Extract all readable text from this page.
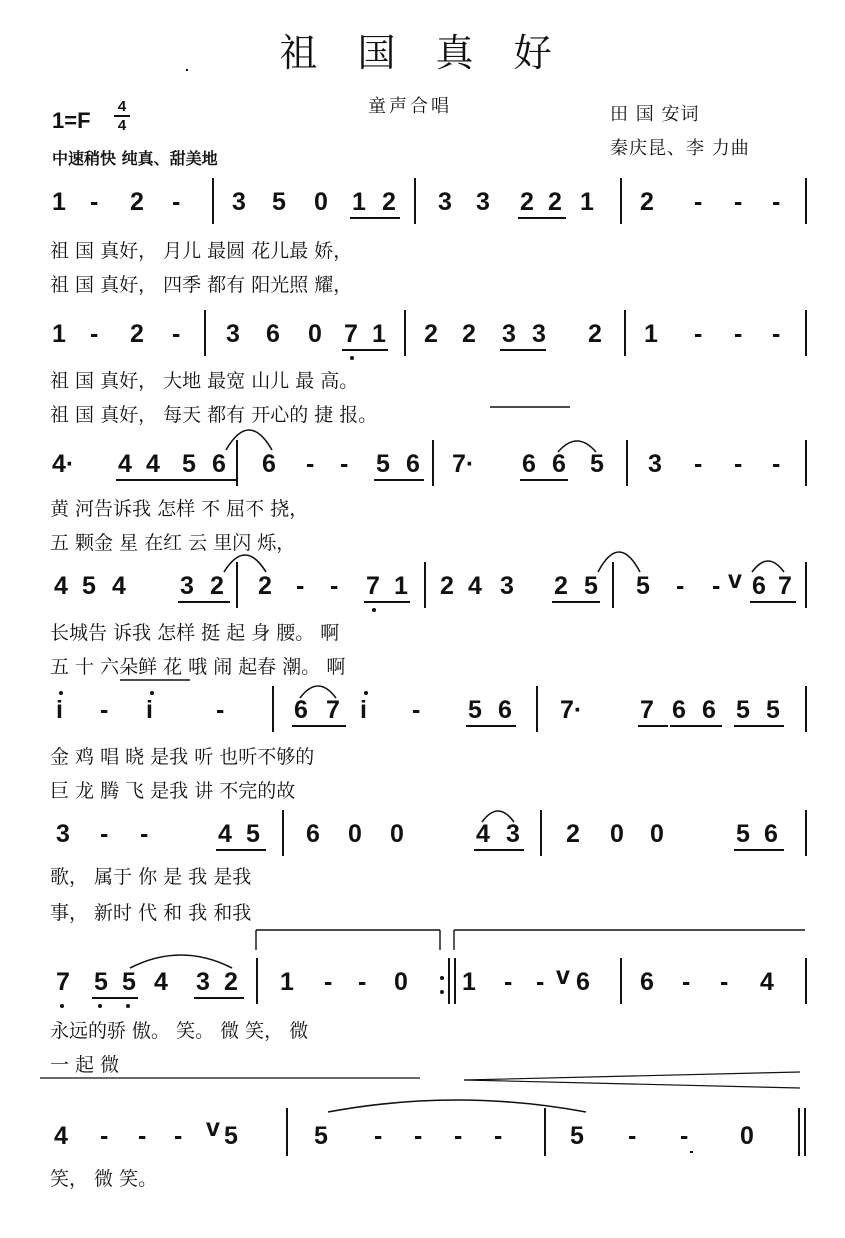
祖 国 真 好
童声合唱
1=F
4
4
中速稍快 纯真、甜美地
田 国 安词
秦庆昆、李 力曲
1 - 2 - 3 5 0 1 2 3 3 2 2 1 2 - - -
祖 国 真好， 月儿 最圆 花儿最 娇，
祖 国 真好， 四季 都有 阳光照 耀，
1 - 2 - 3 6 0 7 1 2 2 3 3 2 1 - - -
祖 国 真好， 大地 最宽 山儿 最 高。
祖 国 真好， 每天 都有 开心的 捷 报。
4· 4 4 5 6 6 - - 5 6 7· 6 6 5 3 - - -
黄 河告诉我 怎样 不 屈不 挠，
五 颗金 星 在红 云 里闪 烁，
4 5 4 3 2 2 - - 7 1 2 4 3 2 5 5 - - 6 7
v
长城告 诉我 怎样 挺 起 身 腰。 啊
五 十 六朵鲜 花 哦 闹 起春 潮。 啊
i - i	-	6 7 i - 5 6 7· 7 6 6 5 5
金 鸡 唱 晓 是我 听 也听不够的
巨 龙 腾 飞 是我 讲 不完的故
3 - -	4 5 6 0 0	4 3 2 0 0	5 6
歌， 属于 你 是 我 是我
事， 新时 代 和 我 和我
7 5 5 4 3 2 1 - - 0 1 - - 6 6 - - 4
v
永远的骄 傲。 笑。 微 笑， 微
一 起 微
4 - - - 5	5 - - - -	5 - - 0
v
笑， 微 笑。
